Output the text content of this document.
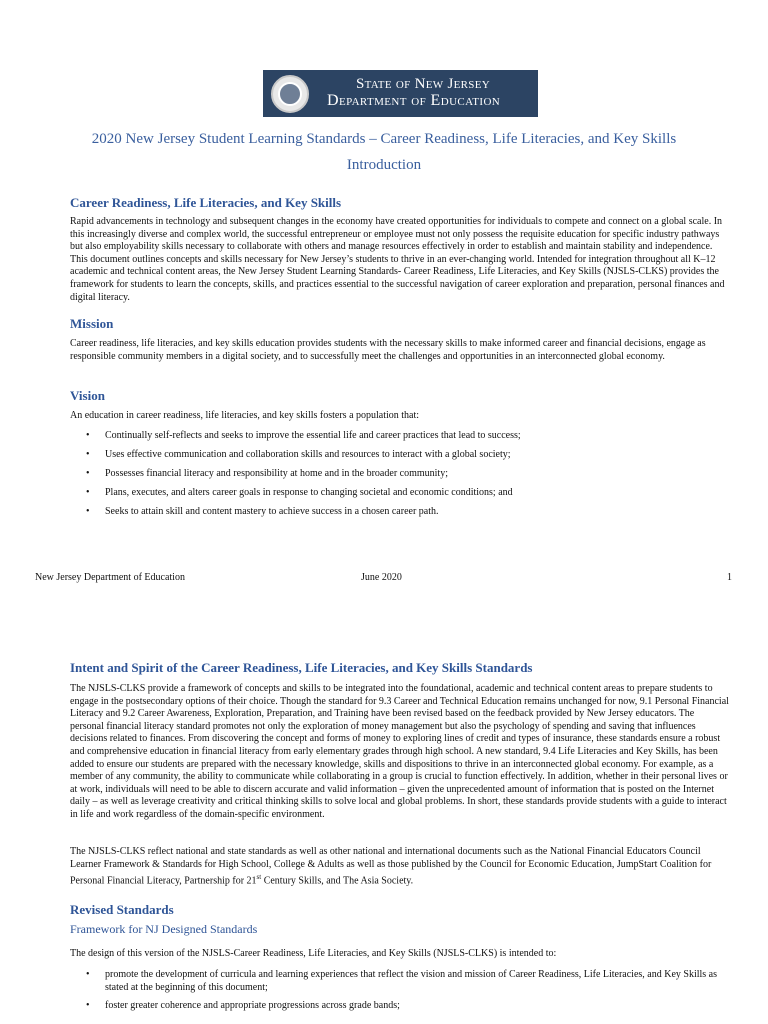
State of New Jersey
Department of Education
2020 New Jersey Student Learning Standards – Career Readiness, Life Literacies, and Key Skills
Introduction
Career Readiness, Life Literacies, and Key Skills
Rapid advancements in technology and subsequent changes in the economy have created opportunities for individuals to compete and connect on a global scale. In this increasingly diverse and complex world, the successful entrepreneur or employee must not only possess the requisite education for specific industry pathways but also employability skills necessary to collaborate with others and manage resources effectively in order to establish and maintain stability and independence. This document outlines concepts and skills necessary for New Jersey’s students to thrive in an ever-changing world. Intended for integration throughout all K–12 academic and technical content areas, the New Jersey Student Learning Standards- Career Readiness, Life Literacies, and Key Skills (NJSLS-CLKS) provides the framework for students to learn the concepts, skills, and practices essential to the successful navigation of career exploration and preparation, personal finances and digital literacy.
Mission
Career readiness, life literacies, and key skills education provides students with the necessary skills to make informed career and financial decisions, engage as responsible community members in a digital society, and to successfully meet the challenges and opportunities in an interconnected global economy.
Vision
An education in career readiness, life literacies, and key skills fosters a population that:
• Continually self-reflects and seeks to improve the essential life and career practices that lead to success;
• Uses effective communication and collaboration skills and resources to interact with a global society;
• Possesses financial literacy and responsibility at home and in the broader community;
• Plans, executes, and alters career goals in response to changing societal and economic conditions; and
• Seeks to attain skill and content mastery to achieve success in a chosen career path.
New Jersey Department of Education	June 2020	1
Intent and Spirit of the Career Readiness, Life Literacies, and Key Skills Standards
The NJSLS-CLKS provide a framework of concepts and skills to be integrated into the foundational, academic and technical content areas to prepare students to engage in the postsecondary options of their choice. Though the standard for 9.3 Career and Technical Education remains unchanged for now, 9.1 Personal Financial Literacy and 9.2 Career Awareness, Exploration, Preparation, and Training have been revised based on the feedback provided by New Jersey educators. The personal financial literacy standard promotes not only the exploration of money management but also the psychology of spending and saving that influences decisions related to finances. From discovering the concept and forms of money to exploring lines of credit and types of insurance, these standards ensure a robust and comprehensive education in financial literacy from early elementary grades through high school. A new standard, 9.4 Life Literacies and Key Skills, has been added to ensure our students are prepared with the necessary knowledge, skills and dispositions to thrive in an interconnected global economy. For example, as a member of any community, the ability to communicate while collaborating in a group is crucial to function effectively. In addition, whether in their personal lives or at work, individuals will need to be able to discern accurate and valid information – given the unprecedented amount of information that is posted on the Internet daily – as well as leverage creativity and critical thinking skills to solve local and global problems. In short, these standards provide students with a guide to interact in life and work regardless of the domain-specific environment.
The NJSLS-CLKS reflect national and state standards as well as other national and international documents such as the National Financial Educators Council Learner Framework & Standards for High School, College & Adults as well as those published by the Council for Economic Education, JumpStart Coalition for Personal Financial Literacy, Partnership for 21st Century Skills, and The Asia Society.
Revised Standards
Framework for NJ Designed Standards
The design of this version of the NJSLS-Career Readiness, Life Literacies, and Key Skills (NJSLS-CLKS) is intended to:
• promote the development of curricula and learning experiences that reflect the vision and mission of Career Readiness, Life Literacies, and Key Skills as stated at the beginning of this document;
• foster greater coherence and appropriate progressions across grade bands;
